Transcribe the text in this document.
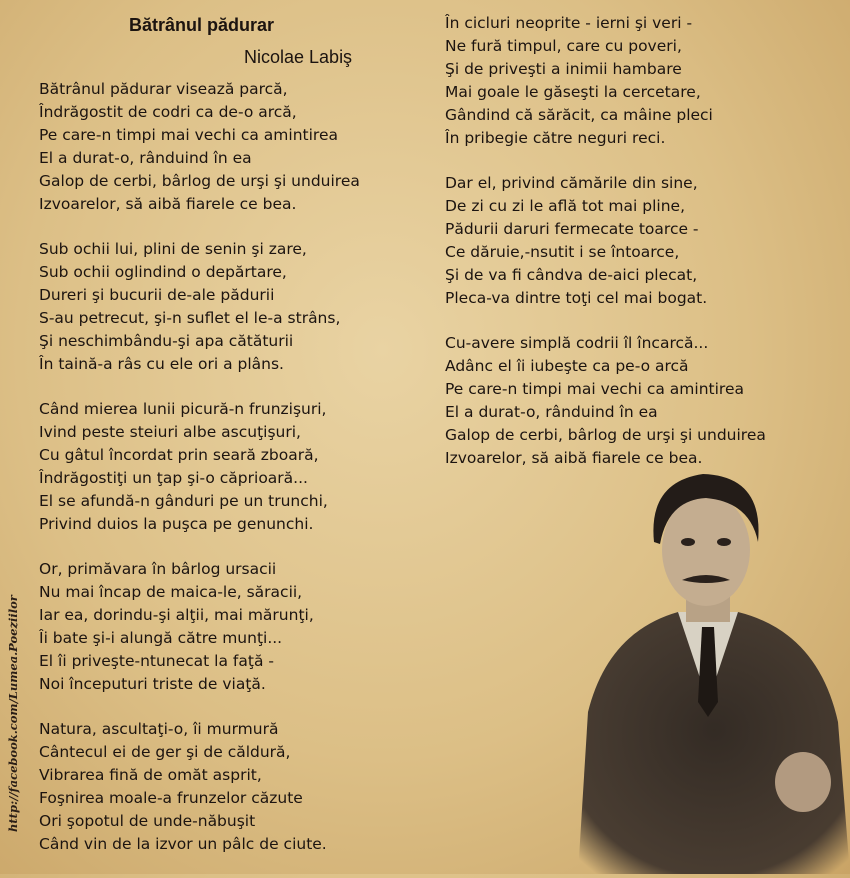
Bătrânul pădurar
Nicolae Labiş
Bătrânul pădurar visează parcă,
Îndrăgostit de codri ca de-o arcă,
Pe care-n timpi mai vechi ca amintirea
El a durat-o, rânduind în ea
Galop de cerbi, bârlog de urşi şi unduirea
Izvoarelor, să aibă fiarele ce bea.
Sub ochii lui, plini de senin şi zare,
Sub ochii oglindind o depărtare,
Dureri şi bucurii de-ale pădurii
S-au petrecut, şi-n suflet el le-a strâns,
Şi neschimbându-şi apa cătăturii
În taină-a râs cu ele ori a plâns.
Când mierea lunii picură-n frunzişuri,
Ivind peste steiuri albe ascuţişuri,
Cu gâtul încordat prin seară zboară,
Îndrăgostiţi un ţap şi-o căprioară...
El se afundă-n gânduri pe un trunchi,
Privind duios la puşca pe genunchi.
Or, primăvara în bârlog ursacii
Nu mai încap de maica-le, săracii,
Iar ea, dorindu-şi alţii, mai mărunţi,
Îi bate şi-i alungă către munţi...
El îi priveşte-ntunecat la faţă -
Noi începuturi triste de viaţă.
Natura, ascultaţi-o, îi murmură
Cântecul ei de ger şi de căldură,
Vibrarea fină de omăt asprit,
Foşnirea moale-a frunzelor căzute
Ori şopotul de unde-năbuşit
Când vin de la izvor un pâlc de ciute.
În cicluri neoprite - ierni şi veri -
Ne fură timpul, care cu poveri,
Şi de priveşti a inimii hambare
Mai goale le găseşti la cercetare,
Gândind că sărăcit, ca mâine pleci
În pribegie către neguri reci.
Dar el, privind cămările din sine,
De zi cu zi le află tot mai pline,
Pădurii daruri fermecate toarce -
Ce dăruie,-nsutit i se întoarce,
Şi de va fi cândva de-aici plecat,
Pleca-va dintre toţi cel mai bogat.
Cu-avere simplă codrii îl încarcă...
Adânc el îi iubeşte ca pe-o arcă
Pe care-n timpi mai vechi ca amintirea
El a durat-o, rânduind în ea
Galop de cerbi, bârlog de urşi şi unduirea
Izvoarelor, să aibă fiarele ce bea.
http://facebook.com/Lumea.Poeziilor
